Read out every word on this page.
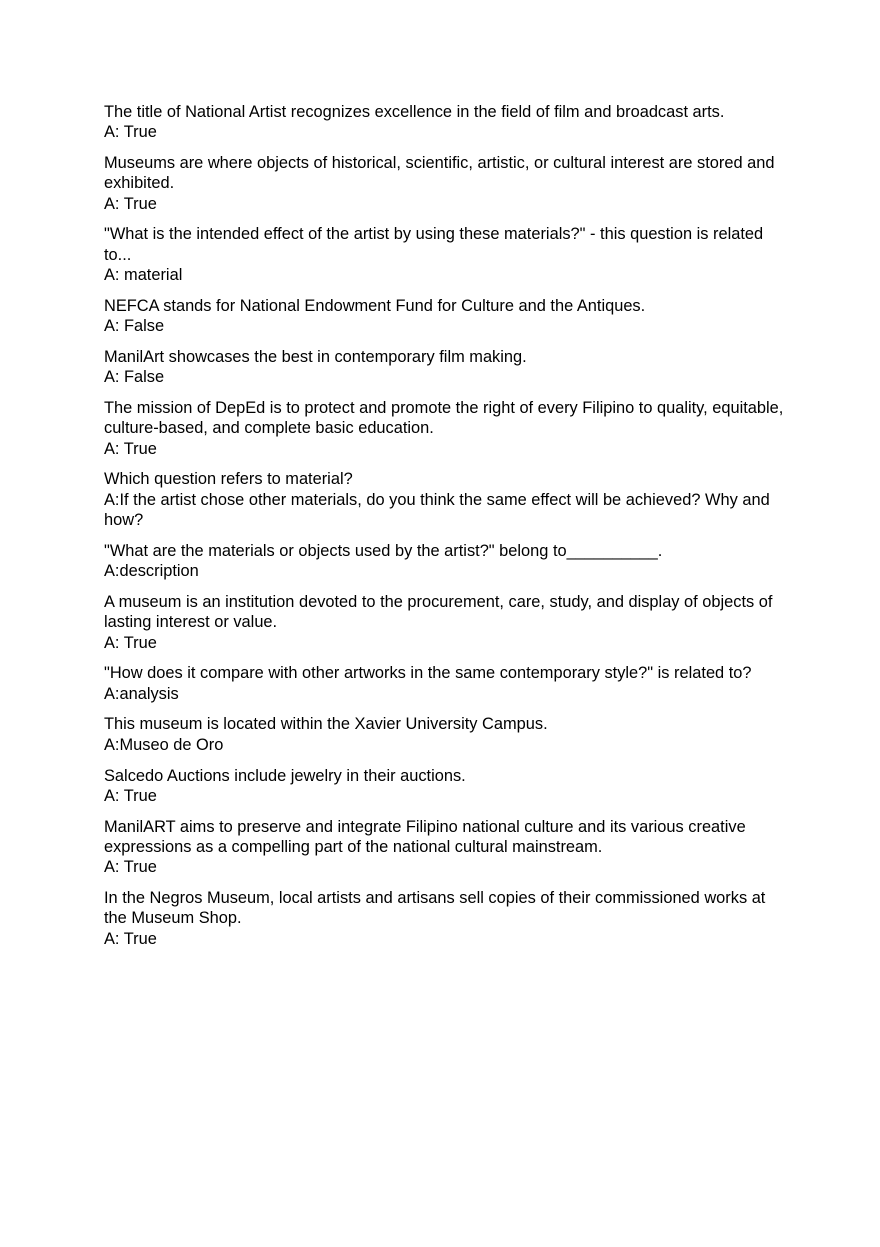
The title of National Artist recognizes excellence in the field of film and broadcast arts.
A: True
Museums are where objects of historical, scientific, artistic, or cultural interest are stored and exhibited.
A: True
"What is the intended effect of the artist by using these materials?" - this question is related to...
A: material
NEFCA stands for National Endowment Fund for Culture and the Antiques.
A: False
ManilArt showcases the best in contemporary film making.
A: False
The mission of DepEd is to protect and promote the right of every Filipino to quality, equitable, culture-based, and complete basic education.
A: True
Which question refers to material?
A:If the artist chose other materials, do you think the same effect will be achieved? Why and how?
"What are the materials or objects used by the artist?" belong to__________.
A:description
A museum is an institution devoted to the procurement, care, study, and display of objects of lasting interest or value.
A: True
"How does it compare with other artworks in the same contemporary style?" is related to?
A:analysis
This museum is located within the Xavier University Campus.
A:Museo de Oro
Salcedo Auctions include jewelry in their auctions.
A: True
ManilART aims to preserve and integrate Filipino national culture and its various creative expressions as a compelling part of the national cultural mainstream.
A: True
In the Negros Museum, local artists and artisans sell copies of their commissioned works at the Museum Shop.
A: True
